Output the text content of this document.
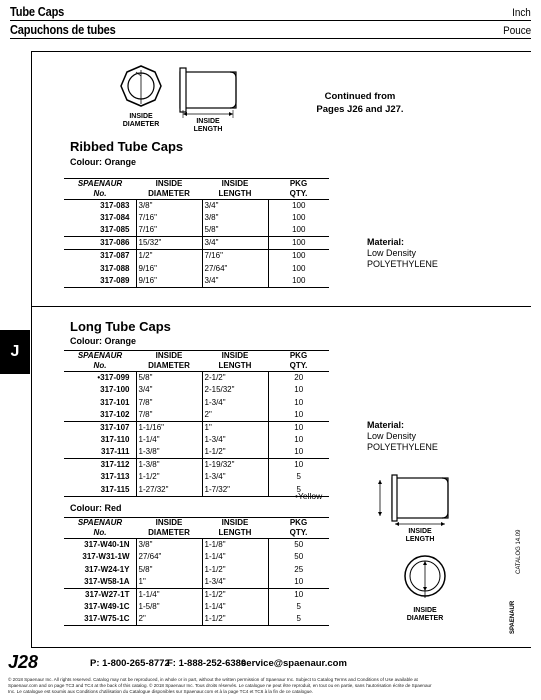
Tube Caps	Inch
Capuchons de tubes	Pouce
J
INSIDE
DIAMETER	INSIDE
LENGTH
Continued from
Pages J26 and J27.
Ribbed Tube Caps
Colour: Orange
SPAENAUR
No.	INSIDE
DIAMETER	INSIDE
LENGTH	PKG
QTY.
317-083	3/8"	3/4"	100
317-084	7/16"	3/8"	100
317-085	7/16"	5/8"	100
317-086	15/32"	3/4"	100
317-087	1/2"	7/16"	100
317-088	9/16"	27/64"	100
317-089	9/16"	3/4"	100
Material:
Low Density
POLYETHYLENE
Long Tube Caps
Colour: Orange
SPAENAUR
No.	INSIDE
DIAMETER	INSIDE
LENGTH	PKG
QTY.
•317-099	5/8"	2-1/2"	20
317-100	3/4"	2-15/32"	10
317-101	7/8"	1-3/4"	10
317-102	7/8"	2"	10
317-107	1-1/16"	1"	10
317-110	1-1/4"	1-3/4"	10
317-111	1-3/8"	1-1/2"	10
317-112	1-3/8"	1-19/32"	10
317-113	1-1/2"	1-3/4"	5
317-115	1-27/32"	1-7/32"	5
•Yellow
Material:
Low Density
POLYETHYLENE
INSIDE
LENGTH
INSIDE
DIAMETER
Colour: Red
SPAENAUR
No.	INSIDE
DIAMETER	INSIDE
LENGTH	PKG
QTY.
317-W40-1N	3/8"	1-1/8"	50
317-W31-1W	27/64"	1-1/4"	50
317-W24-1Y	5/8"	1-1/2"	25
317-W58-1A	1"	1-3/4"	10
317-W27-1T	1-1/4"	1-1/2"	10
317-W49-1C	1-5/8"	1-1/4"	5
317-W75-1C	2"	1-1/2"	5
CATALOG 14.09
SPAENAUR
J28	P: 1-800-265-8772
F: 1-888-252-6380
service@spaenaur.com
© 2018 Spaenaur Inc. All rights reserved. Catalog may not be reproduced, in whole or in part, without the written permission of Spaenaur Inc. Subject to Catalog Terms and Conditions of Use available at Spaenaur.com and on page TC3 and TC4 at the back of this catalog. © 2018 Spaenaur Inc. Tous droits réservés. Le catalogue ne peut être reproduit, en tout ou en partie, sans l'autorisation écrite de Spaenaur Inc. Le catalogue est soumis aux Conditions d'utilisation du Catalogue disponibles sur Spaenaur.com et à la page TC4 et TC6 à la fin de ce catalogue.
